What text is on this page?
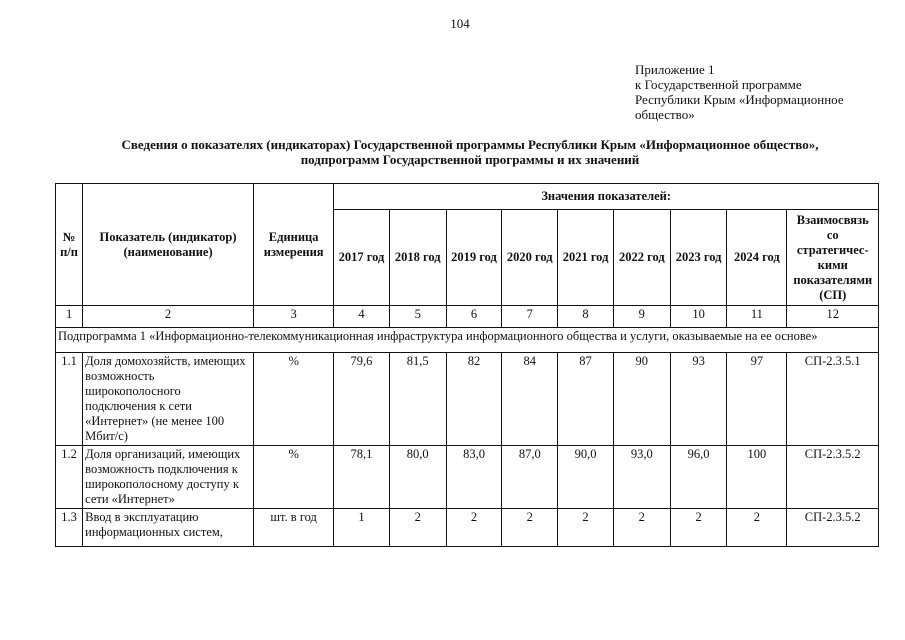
104
Приложение 1
к Государственной программе
Республики Крым «Информационное
общество»
Сведения о показателях (индикаторах) Государственной программы Республики Крым «Информационное общество»,
подпрограмм Государственной программы и их значений
№ п/п	Показатель (индикатор) (наименование)	Единица измерения	Значения показателей:								
			2017 год	2018 год	2019 год	2020 год	2021 год	2022 год	2023 год	2024 год	Взаимосвязь со стратегичес-кими показателями (СП)
1	2	3	4	5	6	7	8	9	10	11	12
Подпрограмма 1 «Информационно-телекоммуникационная инфраструктура информационного общества и услуги, оказываемые на ее основе»											
1.1	Доля домохозяйств, имеющих возможность широкополосного подключения к сети «Интернет» (не менее 100 Мбит/с)	%	79,6	81,5	82	84	87	90	93	97	СП-2.3.5.1
1.2	Доля организаций, имеющих возможность подключения к широкополосному доступу к сети «Интернет»	%	78,1	80,0	83,0	87,0	90,0	93,0	96,0	100	СП-2.3.5.2
1.3	Ввод в эксплуатацию информационных систем,	шт. в год	1	2	2	2	2	2	2	2	СП-2.3.5.2
